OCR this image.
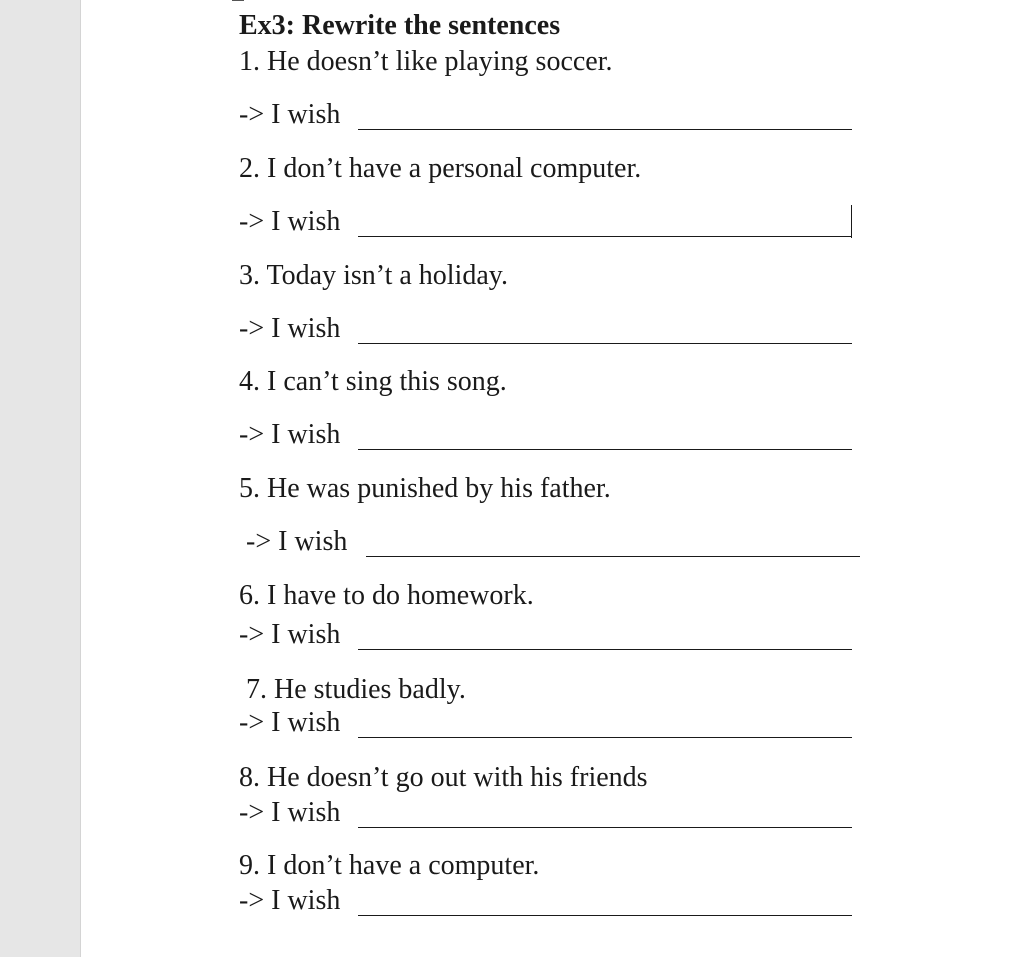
Ex3: Rewrite the sentences
1. He doesn’t like playing soccer.
-> I wish
2. I don’t have a personal computer.
-> I wish
3. Today isn’t a holiday.
-> I wish
4. I can’t sing this song.
-> I wish
5. He was punished by his father.
-> I wish
6. I have to do homework.
-> I wish
7. He studies badly.
-> I wish
8. He doesn’t go out with his friends
-> I wish
9. I don’t have a computer.
-> I wish
